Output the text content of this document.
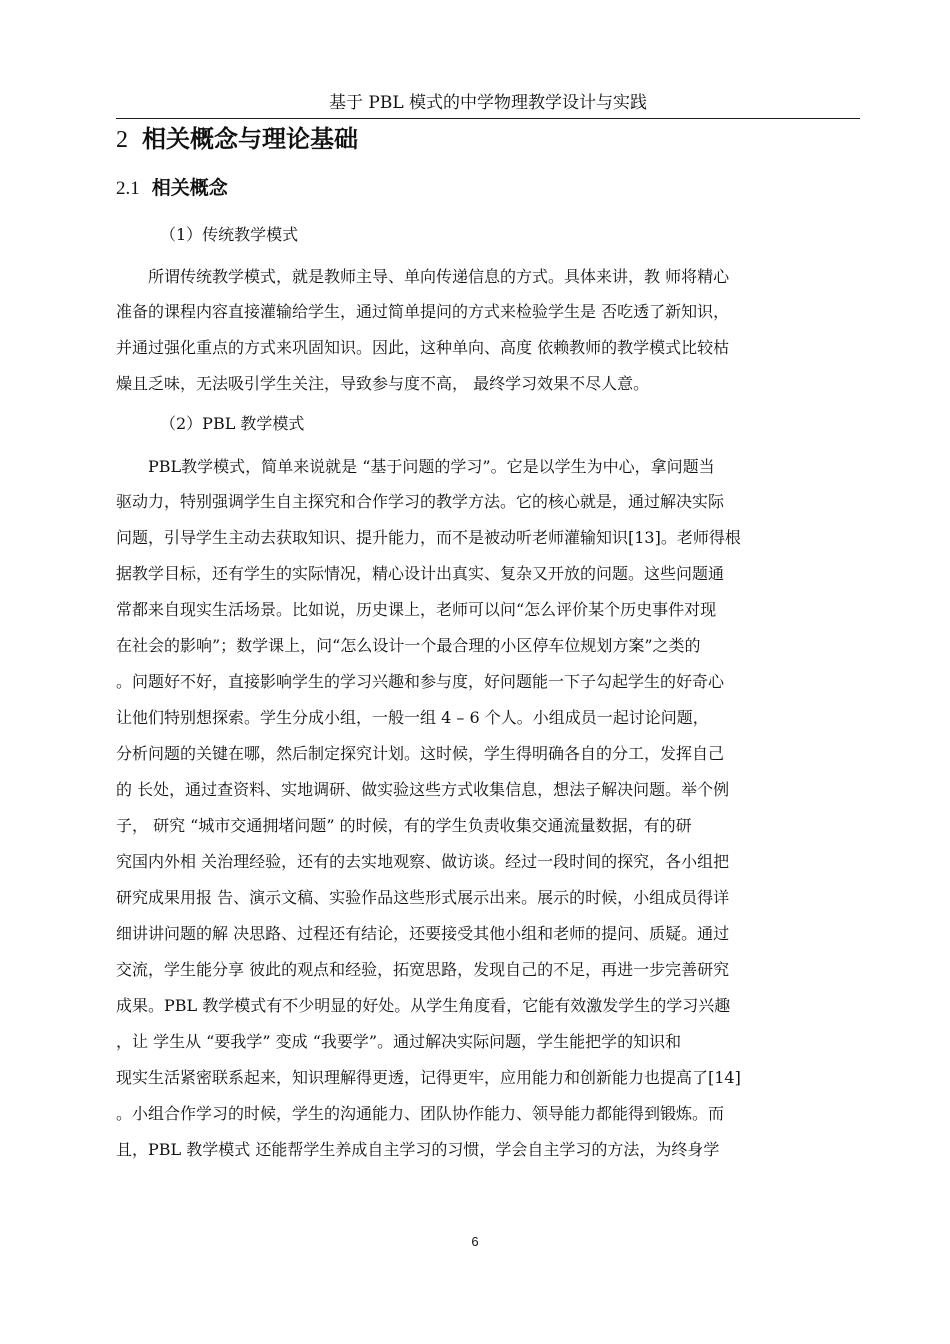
基于 PBL 模式的中学物理教学设计与实践
2 相关概念与理论基础
2.1 相关概念
（1）传统教学模式
所谓传统教学模式，就是教师主导、单向传递信息的方式。具体来讲，教 师将精心
准备的课程内容直接灌输给学生，通过简单提问的方式来检验学生是 否吃透了新知识，
并通过强化重点的方式来巩固知识。因此，这种单向、高度 依赖教师的教学模式比较枯
燥且乏味，无法吸引学生关注，导致参与度不高， 最终学习效果不尽人意。
（2）PBL 教学模式
PBL教学模式，简单来说就是 “基于问题的学习”。它是以学生为中心，拿问题当
驱动力，特别强调学生自主探究和合作学习的教学方法。它的核心就是，通过解决实际
问题，引导学生主动去获取知识、提升能力，而不是被动听老师灌输知识[13]。老师得根
据教学目标，还有学生的实际情况，精心设计出真实、复杂又开放的问题。这些问题通
常都来自现实生活场景。比如说，历史课上，老师可以问“怎么评价某个历史事件对现
在社会的影响”；数学课上，问“怎么设计一个最合理的小区停车位规划方案”之类的
。问题好不好，直接影响学生的学习兴趣和参与度，好问题能一下子勾起学生的好奇心
让他们特别想探索。学生分成小组，一般一组 4 – 6 个人。小组成员一起讨论问题，
分析问题的关键在哪，然后制定探究计划。这时候，学生得明确各自的分工，发挥自己
的 长处，通过查资料、实地调研、做实验这些方式收集信息，想法子解决问题。举个例
子， 研究 “城市交通拥堵问题” 的时候，有的学生负责收集交通流量数据，有的研
究国内外相 关治理经验，还有的去实地观察、做访谈。经过一段时间的探究，各小组把
研究成果用报 告、演示文稿、实验作品这些形式展示出来。展示的时候，小组成员得详
细讲讲问题的解 决思路、过程还有结论，还要接受其他小组和老师的提问、质疑。通过
交流，学生能分享 彼此的观点和经验，拓宽思路，发现自己的不足，再进一步完善研究
成果。PBL 教学模式有不少明显的好处。从学生角度看，它能有效激发学生的学习兴趣
，让 学生从 “要我学” 变成 “我要学”。通过解决实际问题，学生能把学的知识和
现实生活紧密联系起来，知识理解得更透，记得更牢，应用能力和创新能力也提高了[14]
。小组合作学习的时候，学生的沟通能力、团队协作能力、领导能力都能得到锻炼。而
且，PBL 教学模式 还能帮学生养成自主学习的习惯，学会自主学习的方法，为终身学
6
